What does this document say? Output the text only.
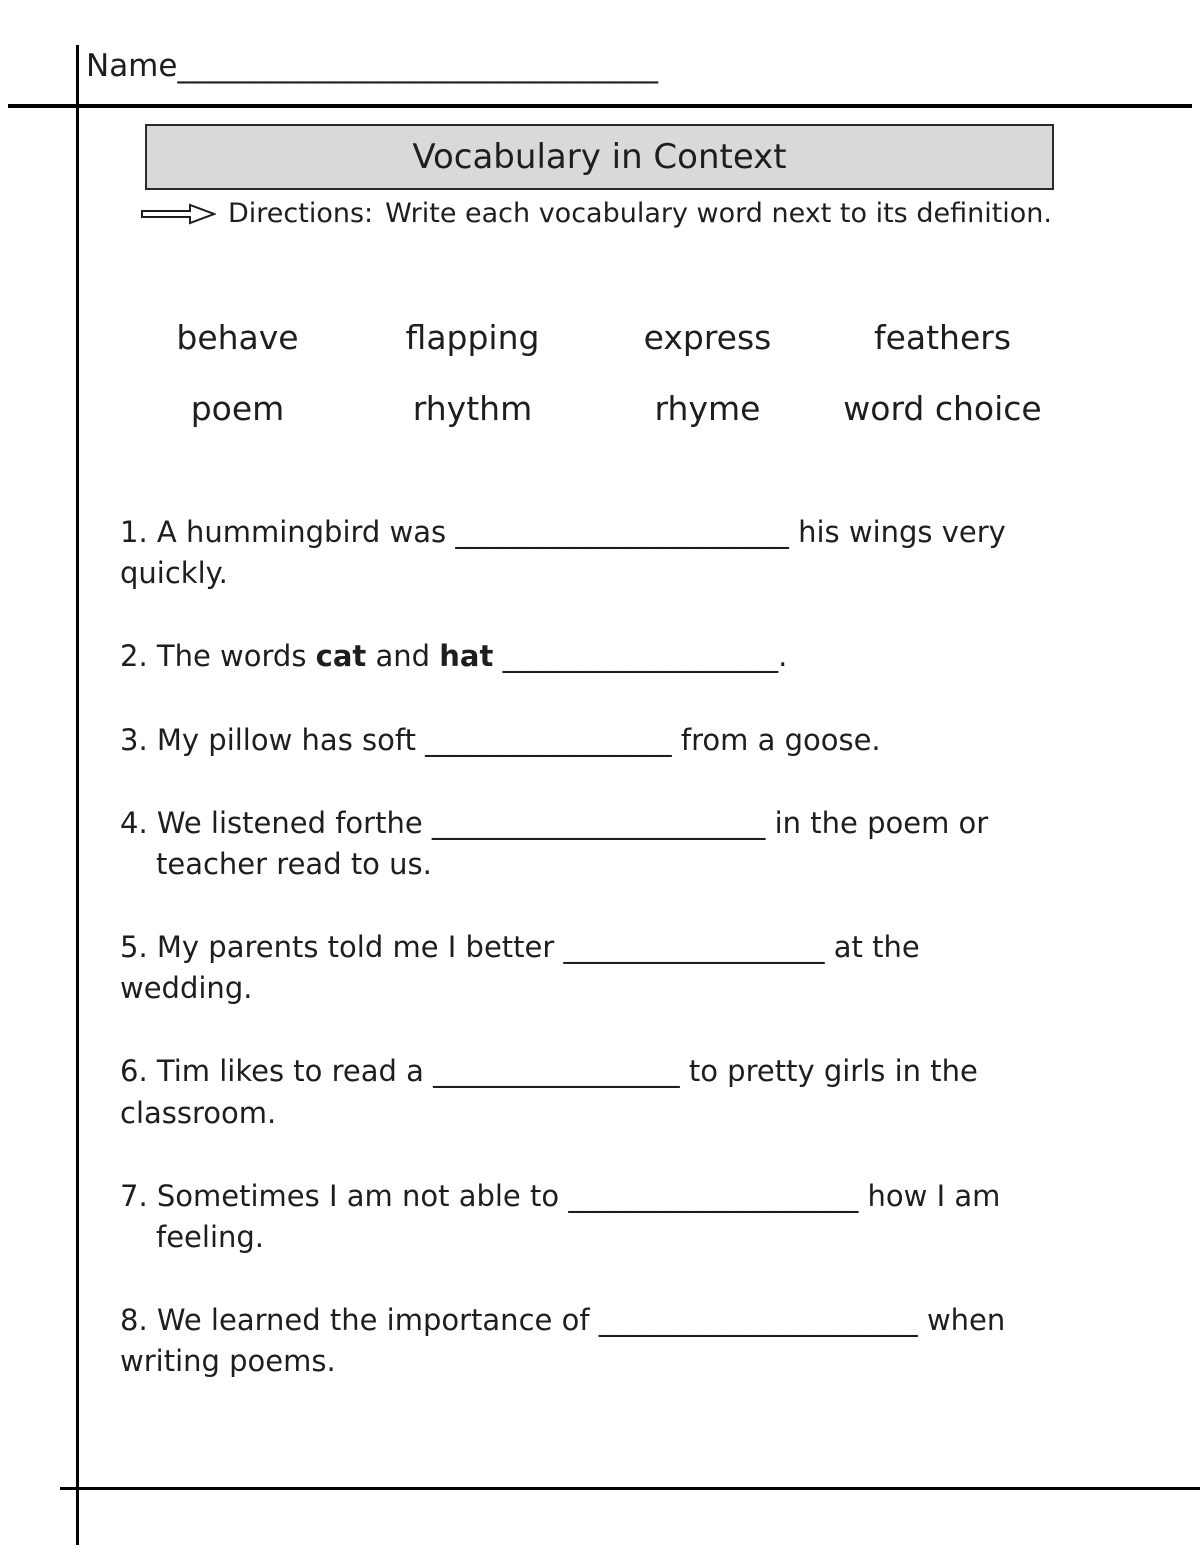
Name_______________________________
Vocabulary in Context
Directions: Write each vocabulary word next to its definition.
behave	flapping	express	feathers
poem	rhythm	rhyme	word choice
1. A hummingbird was _______________________ his wings very
quickly.
2. The words cat and hat ___________________.
3. My pillow has soft _________________ from a goose.
4. We listened forthe _______________________ in the poem or
teacher read to us.
5. My parents told me I better __________________ at the
wedding.
6. Tim likes to read a _________________ to pretty girls in the
classroom.
7. Sometimes I am not able to ____________________ how I am
feeling.
8. We learned the importance of ______________________ when
writing poems.
